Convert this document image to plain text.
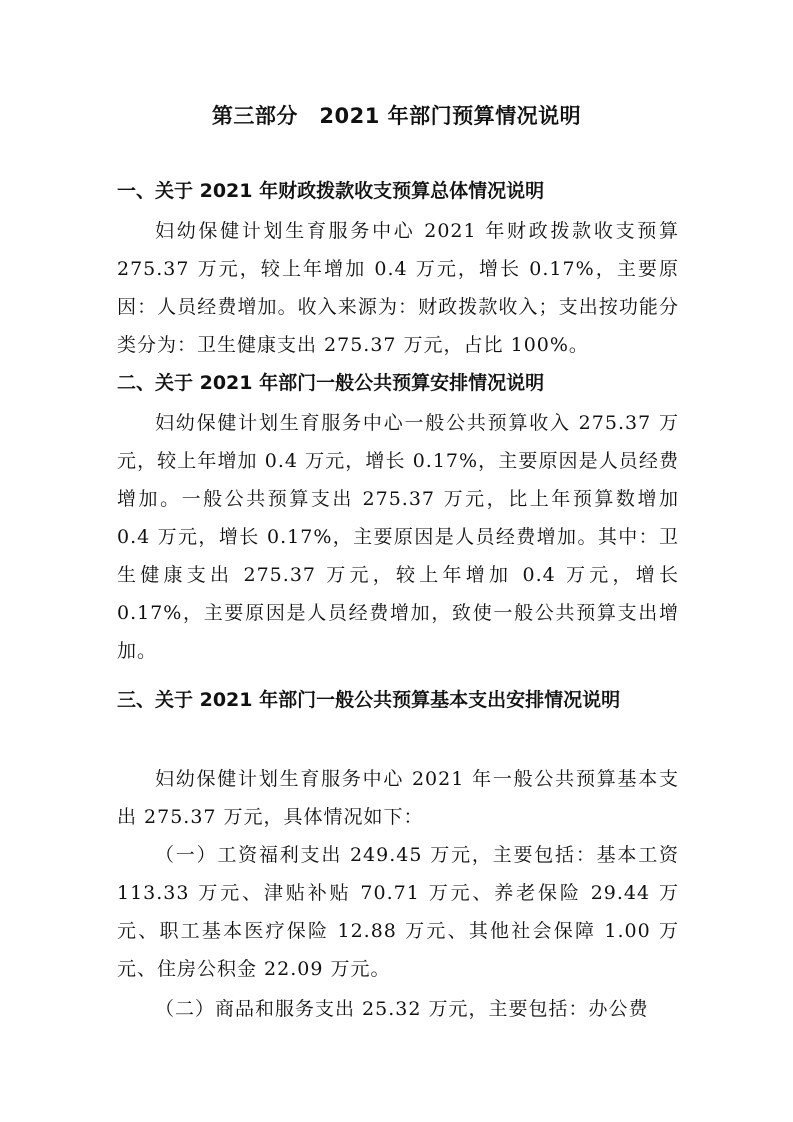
第三部分　2021 年部门预算情况说明
一、关于 2021 年财政拨款收支预算总体情况说明
妇幼保健计划生育服务中心 2021 年财政拨款收支预算 275.37 万元，较上年增加 0.4 万元，增长 0.17%，主要原因：人员经费增加。收入来源为：财政拨款收入；支出按功能分类分为：卫生健康支出 275.37 万元，占比 100%。
二、关于 2021 年部门一般公共预算安排情况说明
妇幼保健计划生育服务中心一般公共预算收入 275.37 万元，较上年增加 0.4 万元，增长 0.17%，主要原因是人员经费增加。一般公共预算支出 275.37 万元，比上年预算数增加 0.4 万元，增长 0.17%，主要原因是人员经费增加。其中：卫生健康支出 275.37 万元，较上年增加 0.4 万元，增长 0.17%，主要原因是人员经费增加，致使一般公共预算支出增加。
三、关于 2021 年部门一般公共预算基本支出安排情况说明
妇幼保健计划生育服务中心 2021 年一般公共预算基本支出 275.37 万元，具体情况如下：
（一）工资福利支出 249.45 万元，主要包括：基本工资 113.33 万元、津贴补贴 70.71 万元、养老保险 29.44 万元、职工基本医疗保险 12.88 万元、其他社会保障 1.00 万元、住房公积金 22.09 万元。
（二）商品和服务支出 25.32 万元，主要包括：办公费
